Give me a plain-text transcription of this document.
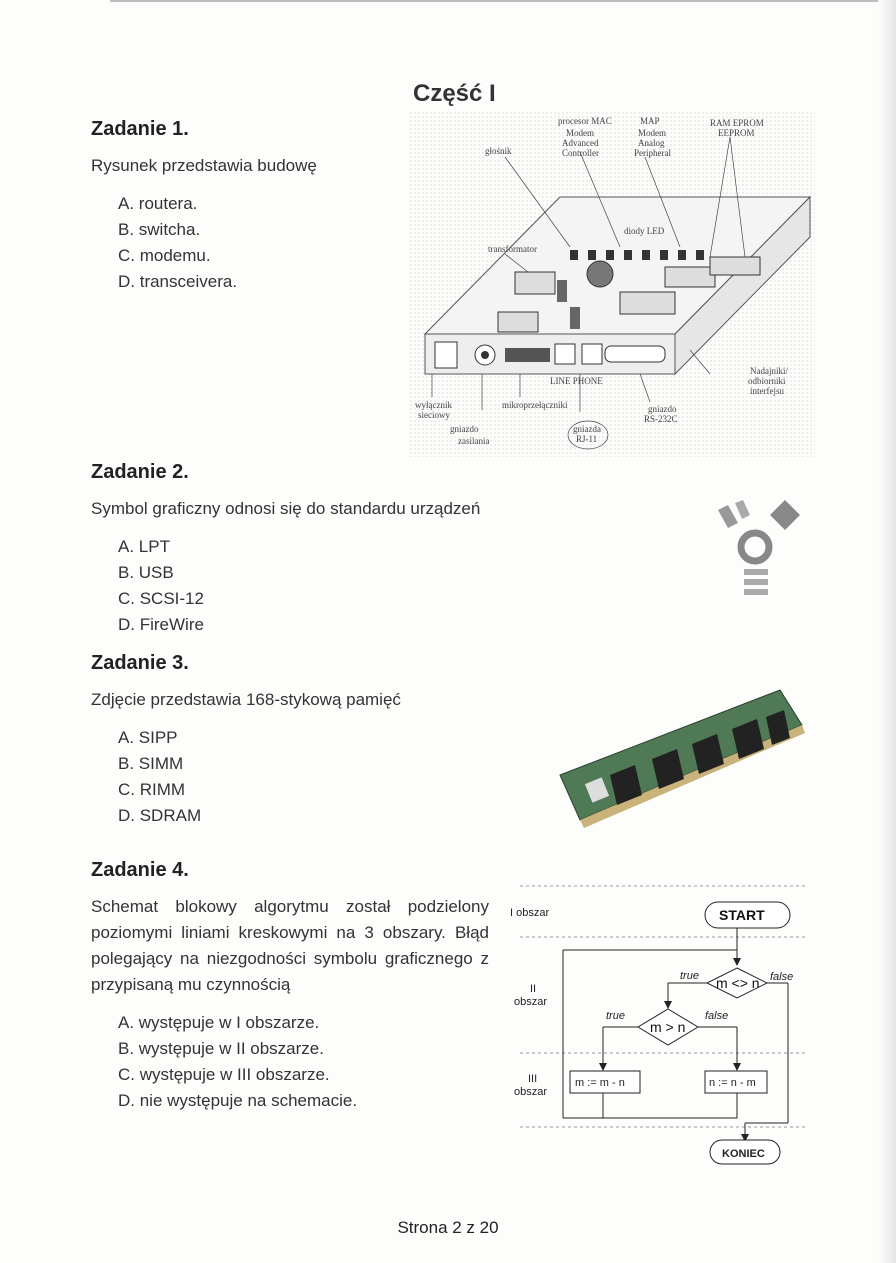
Część I
Zadanie 1.
Rysunek przedstawia budowę
A. routera.
B. switcha.
C. modemu.
D. transceivera.
procesor MAC
Modem
Advanced
Controller
MAP
Modem
Analog
Peripheral
RAM EPROM
EEPROM
głośnik
diody LED
transformator
LINE PHONE
wyłącznik
sieciowy
mikroprzełączniki
gniazdo
zasilania
gniazda
RJ-11
gniazdo
RS-232C
Nadajniki/
odbiorniki
interfejsu
Zadanie 2.
Symbol graficzny odnosi się do standardu urządzeń
A. LPT
B. USB
C. SCSI-12
D. FireWire
Zadanie 3.
Zdjęcie przedstawia 168-stykową pamięć
A. SIPP
B. SIMM
C. RIMM
D. SDRAM
Zadanie 4.
Schemat blokowy algorytmu został podzielony poziomymi liniami kreskowymi na 3 obszary. Błąd polegający na niezgodności symbolu graficznego z przypisaną mu czynnością
A. występuje w I obszarze.
B. występuje w II obszarze.
C. występuje w III obszarze.
D. nie występuje na schemacie.
I obszar
II
obszar
III
obszar
START
m <> n
m > n
true	false
true	false
m := m - n	n := n - m
KONIEC
Strona 2 z 20
